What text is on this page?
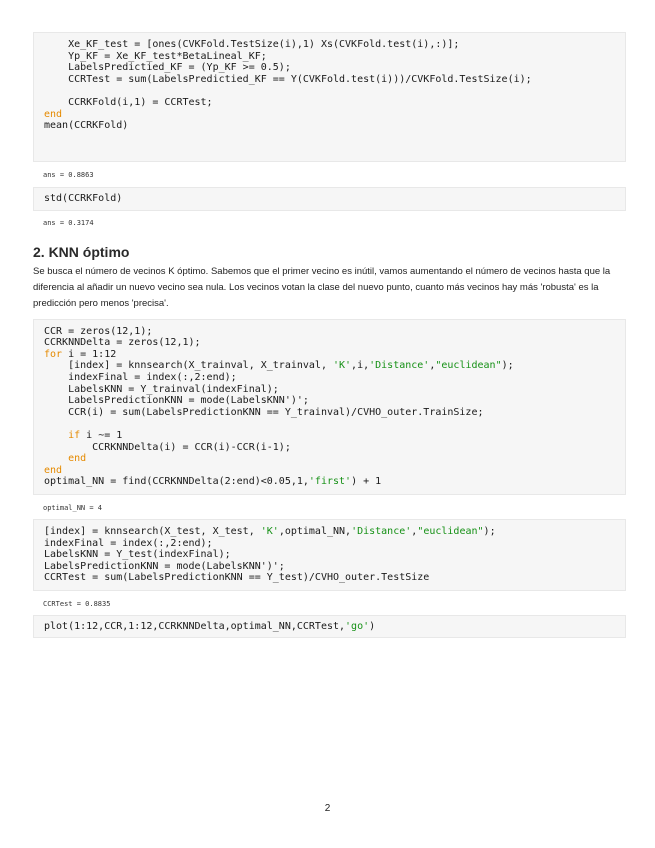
Xe_KF_test = [ones(CVKFold.TestSize(i),1) Xs(CVKFold.test(i),:)];
Yp_KF = Xe_KF_test*BetaLineal_KF;
LabelsPredictied_KF = (Yp_KF >= 0.5);
CCRTest = sum(LabelsPredictied_KF == Y(CVKFold.test(i)))/CVKFold.TestSize(i);

CCRKFold(i,1) = CCRTest;
end
mean(CCRKFold)
ans = 0.8863
std(CCRKFold)
ans = 0.3174
2. KNN óptimo

Se busca el número de vecinos K óptimo. Sabemos que el primer vecino es inútil, vamos aumentando el número de vecinos hasta que la diferencia al añadir un nuevo vecino sea nula. Los vecinos votan la clase del nuevo punto, cuanto más vecinos hay más 'robusta' es la predicción pero menos 'precisa'.

CCR = zeros(12,1);
CCRKNNDelta = zeros(12,1);
for i = 1:12
[index] = knnsearch(X_trainval, X_trainval, 'K',i,'Distance',"euclidean");
indexFinal = index(:,2:end);
LabelsKNN = Y_trainval(indexFinal);
LabelsPredictionKNN = mode(LabelsKNN')';
CCR(i) = sum(LabelsPredictionKNN == Y_trainval)/CVHO_outer.TrainSize;

if i ~= 1
CCRKNNDelta(i) = CCR(i)-CCR(i-1);
end
end
optimal_NN = find(CCRKNNDelta(2:end)<0.05,1,'first') + 1
optimal_NN = 4
[index] = knnsearch(X_test, X_test, 'K',optimal_NN,'Distance',"euclidean");
indexFinal = index(:,2:end);
LabelsKNN = Y_test(indexFinal);
LabelsPredictionKNN = mode(LabelsKNN')';
CCRTest = sum(LabelsPredictionKNN == Y_test)/CVHO_outer.TestSize
CCRTest = 0.8835
plot(1:12,CCR,1:12,CCRKNNDelta,optimal_NN,CCRTest,'go')
2
